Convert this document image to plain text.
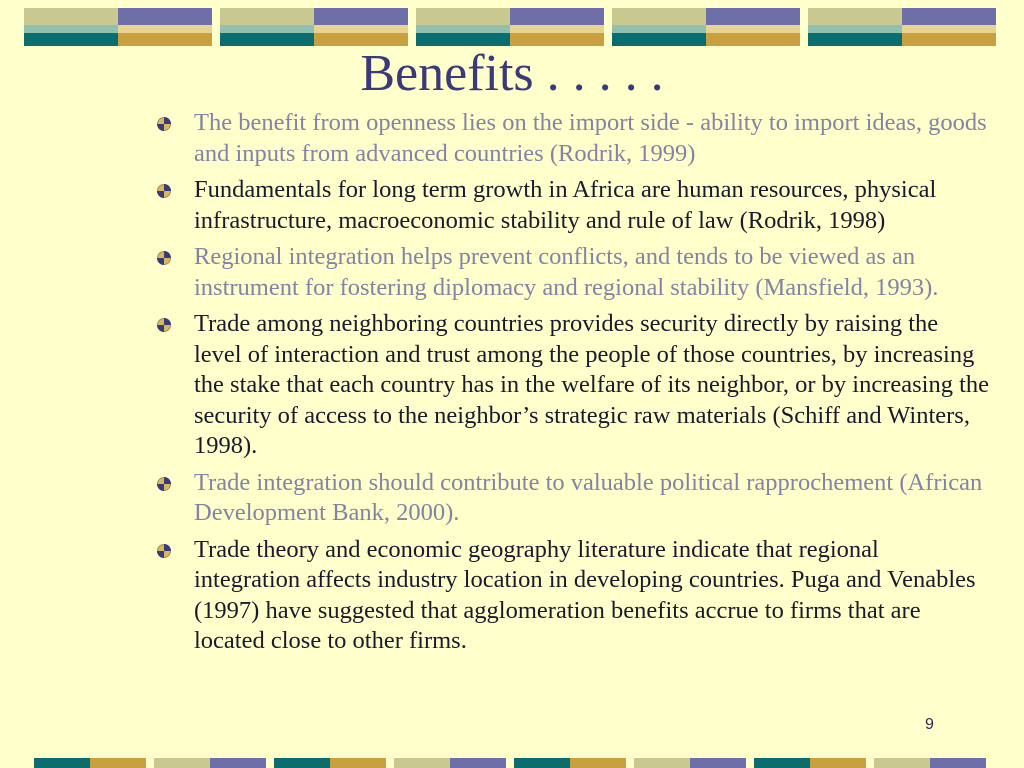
Benefits . . . . .
The benefit from openness lies on the import side - ability to import ideas, goods and inputs from advanced countries (Rodrik, 1999)
Fundamentals for long term growth in Africa are human resources, physical infrastructure, macroeconomic stability and rule of law (Rodrik, 1998)
Regional integration helps prevent conflicts, and tends to be viewed as an instrument for fostering diplomacy and regional stability (Mansfield, 1993).
Trade among neighboring countries provides security directly by raising the level of interaction and trust among the people of those countries, by increasing the stake that each country has in the welfare of its neighbor, or by increasing the security of access to the neighbor’s strategic raw materials (Schiff and Winters, 1998).
Trade integration should contribute to valuable political rapprochement (African Development Bank, 2000).
Trade theory and economic geography literature indicate that regional integration affects industry location in developing countries. Puga and Venables (1997) have suggested that agglomeration benefits accrue to firms that are located close to other firms.
9
